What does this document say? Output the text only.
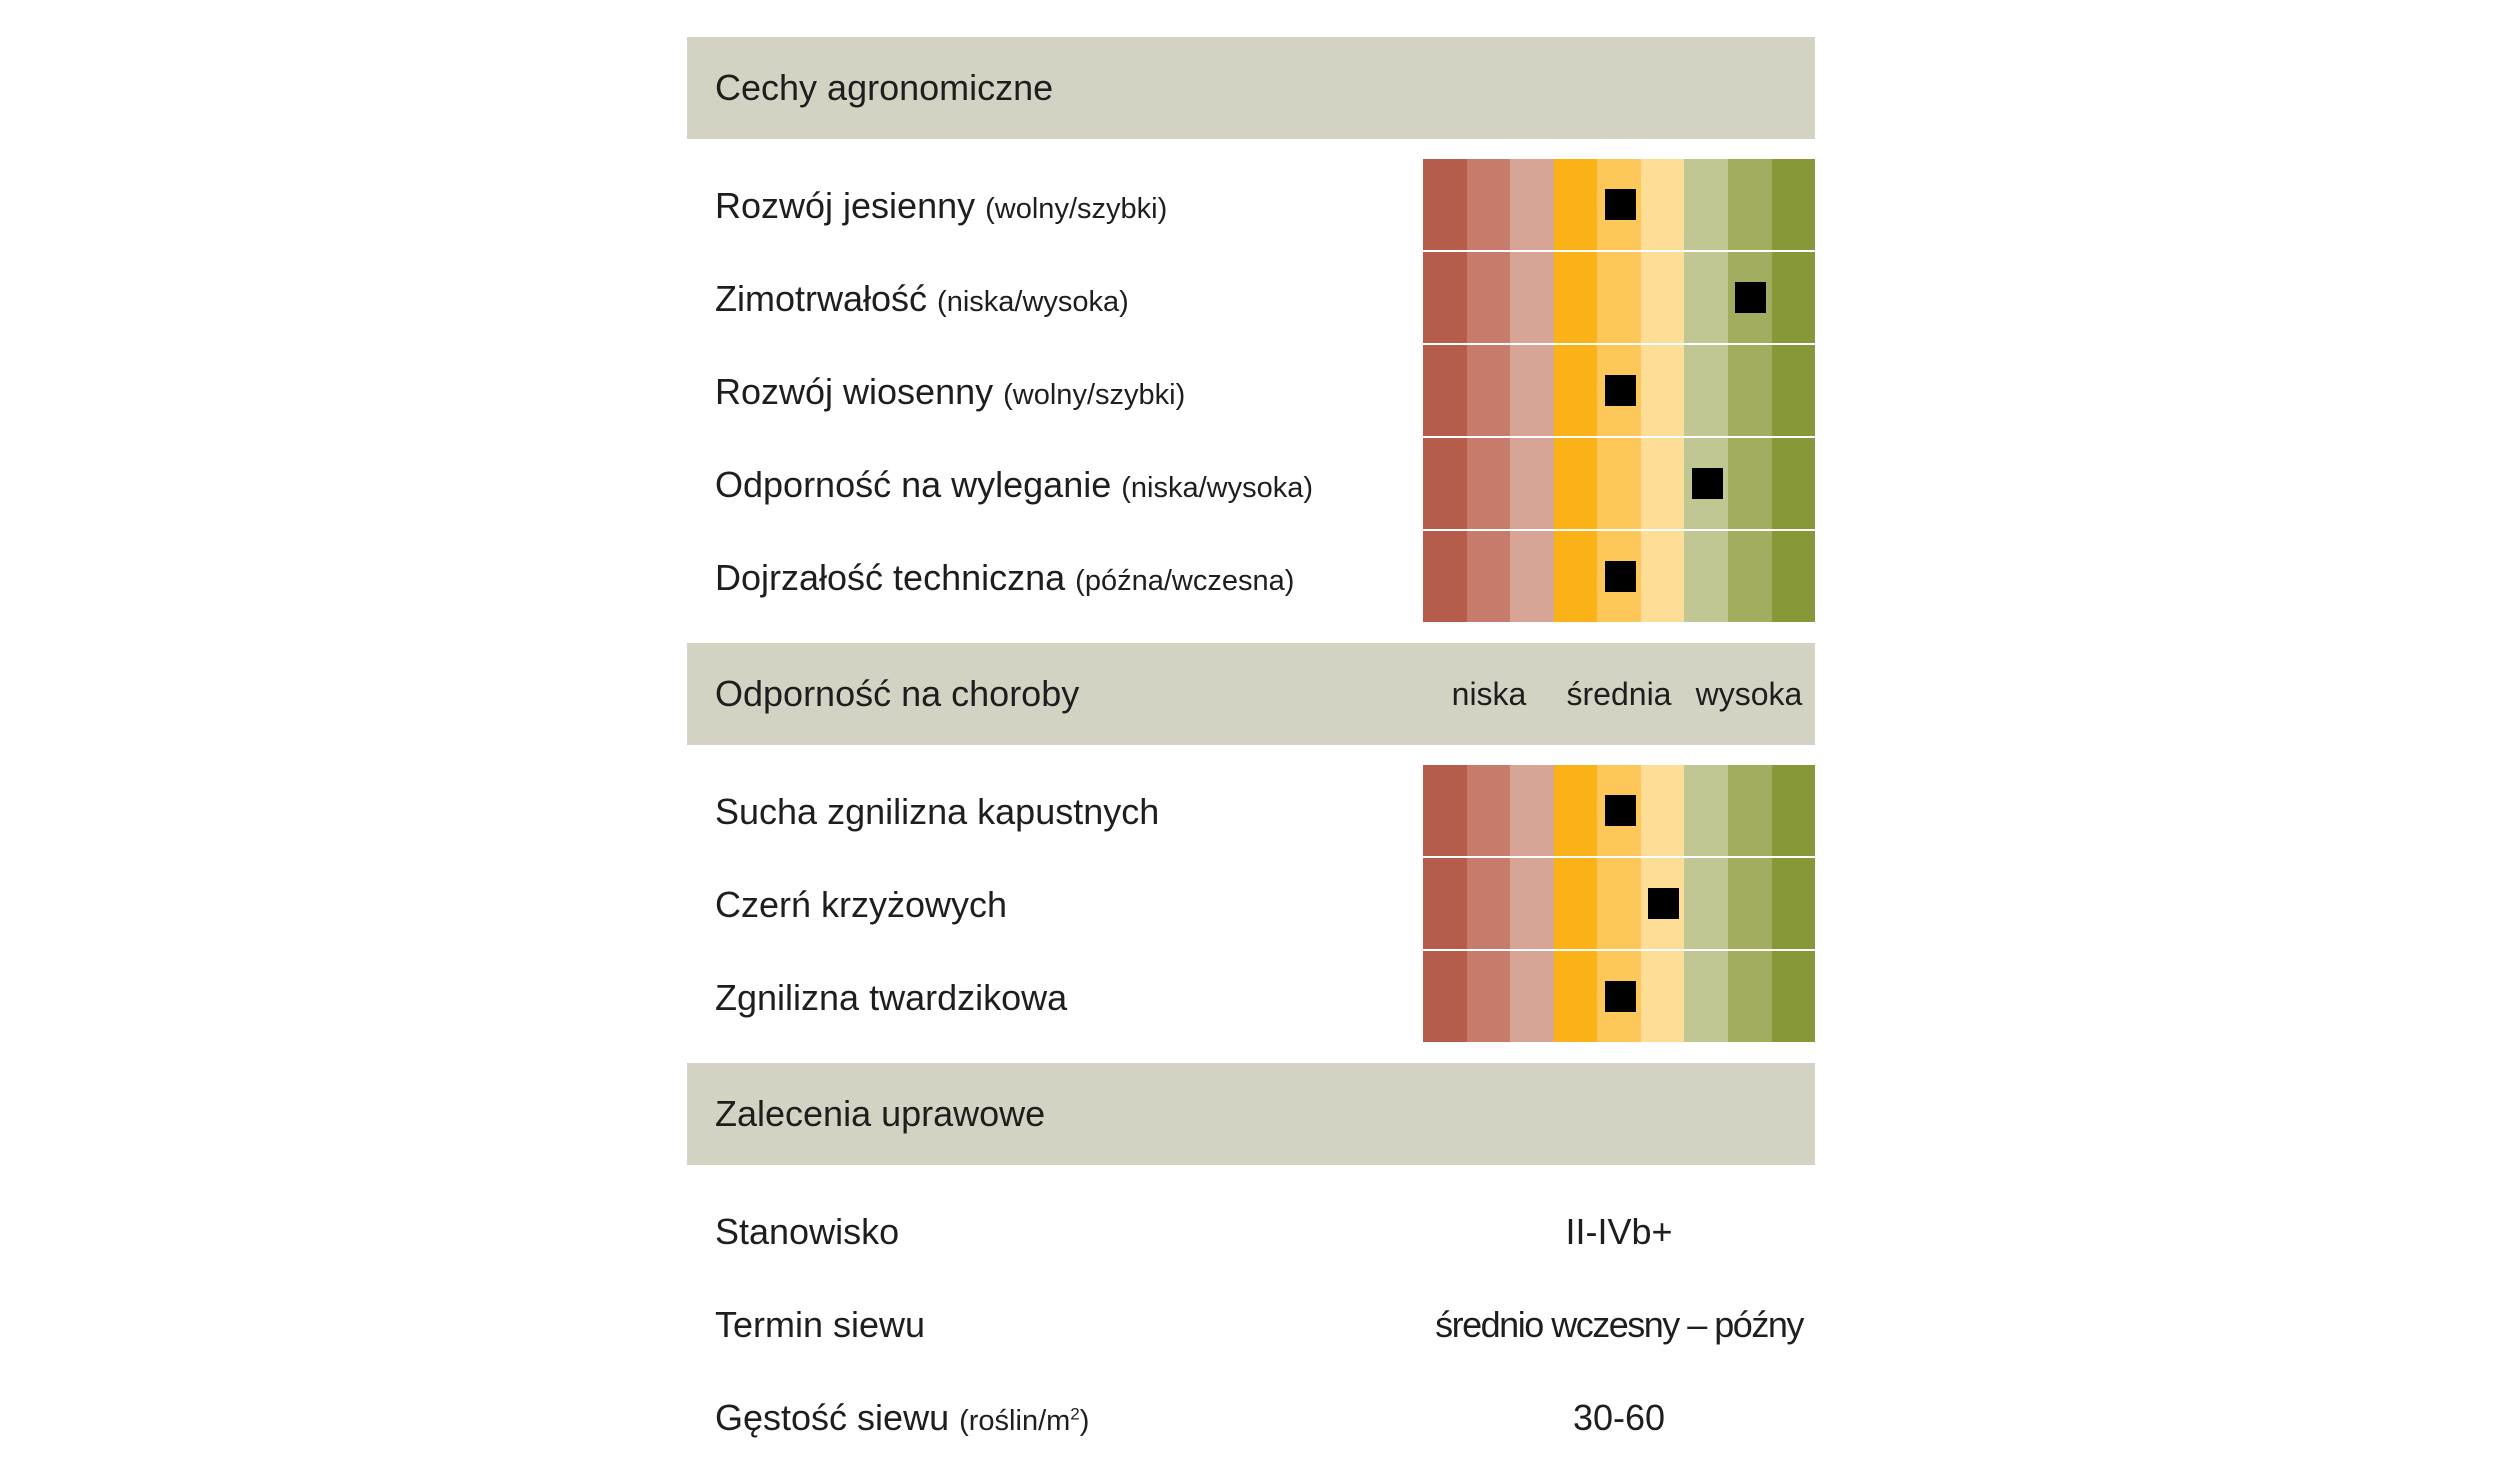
Cechy agronomiczne
Rozwój jesienny (wolny/szybki)
Zimotrwałość (niska/wysoka)
Rozwój wiosenny (wolny/szybki)
Odporność na wyleganie (niska/wysoka)
Dojrzałość techniczna (późna/wczesna)
Odporność na choroby	niska	średnia wysoka
Sucha zgnilizna kapustnych
Czerń krzyżowych
Zgnilizna twardzikowa
Zalecenia uprawowe
Stanowisko	II-IVb+
Termin siewu	średnio wczesny – późny
Gęstość siewu $(roślin/m^2)$	30-60
